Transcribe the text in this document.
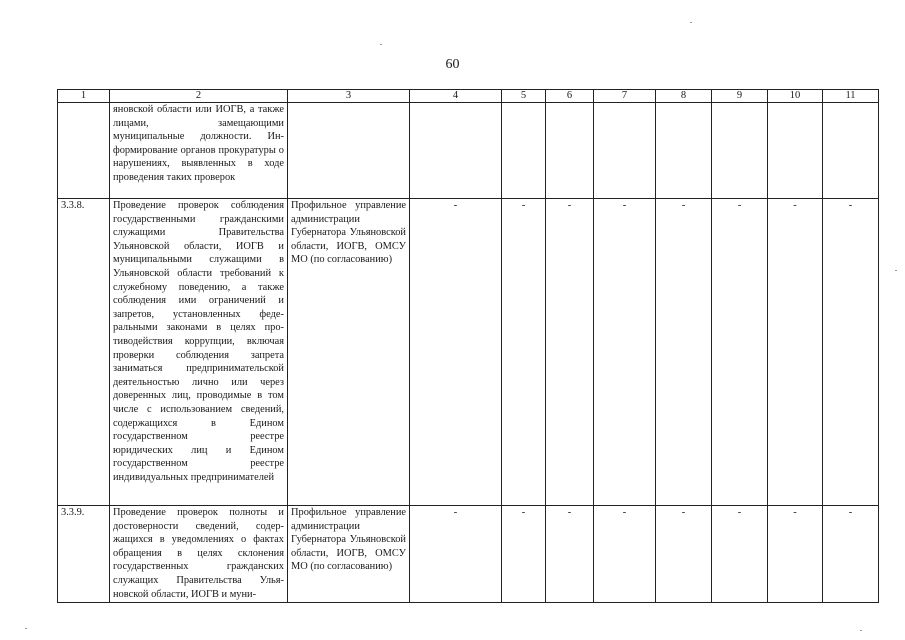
60
1	2	3	4	5	6	7	8	9	10	11
	яновской области или ИОГВ, а также лицами, замещающими муниципальные должности. Информирование органов прокуратуры о нарушениях, выявленных в ходе проведения таких проверок									
3.3.8.	Проведение проверок соблюдения государственными гражданскими служащими Правительства Ульяновской области, ИОГВ и муниципальными служащими в Ульяновской области требований к служебному поведению, а также соблюдения ими ограничений и запретов, установленных федеральными законами в целях противодействия коррупции, включая проверки соблюдения запрета заниматься предпринимательской деятельностью лично или через доверенных лиц, проводимые в том числе с использованием сведений, содержащихся в Едином государственном реестре юридических лиц и Едином государственном реестре индивидуальных предпринимателей	Профильное управление администрации Губернатора Ульяновской области, ИОГВ, ОМСУ МО (по согласованию)	-	-	-	-	-	-	-	-
3.3.9.	Проведение проверок полноты и достоверности сведений, содержащихся в уведомлениях о фактах обращения в целях склонения государственных гражданских служащих Правительства Ульяновской области, ИОГВ и муни-	Профильное управление администрации Губернатора Ульяновской области, ИОГВ, ОМСУ МО (по согласованию)	-	-	-	-	-	-	-	-
